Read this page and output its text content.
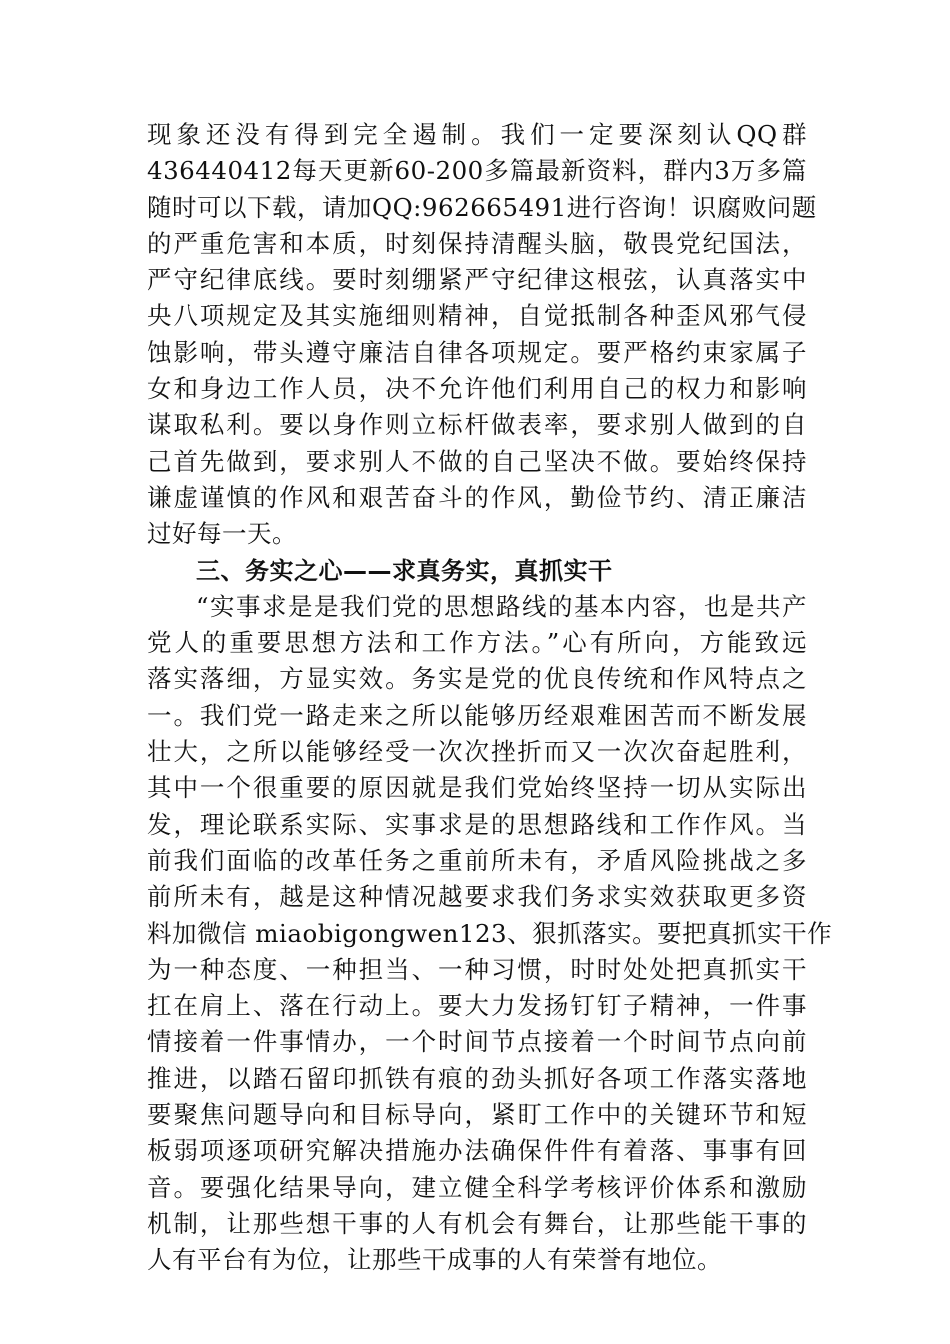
现象还没有得到完全遏制。我们一定要深刻认QQ群
436440412每天更新60-200多篇最新资料，群内3万多篇
随时可以下载，请加QQ:962665491进行咨询！识腐败问题
的严重危害和本质，时刻保持清醒头脑，敬畏党纪国法，
严守纪律底线。要时刻绷紧严守纪律这根弦，认真落实中
央八项规定及其实施细则精神，自觉抵制各种歪风邪气侵
蚀影响，带头遵守廉洁自律各项规定。要严格约束家属子
女和身边工作人员，决不允许他们利用自己的权力和影响
谋取私利。要以身作则立标杆做表率，要求别人做到的自
己首先做到，要求别人不做的自己坚决不做。要始终保持
谦虚谨慎的作风和艰苦奋斗的作风，勤俭节约、清正廉洁
过好每一天。
三、务实之心——求真务实，真抓实干
“实事求是是我们党的思想路线的基本内容，也是共产
党人的重要思想方法和工作方法。”心有所向，方能致远
落实落细，方显实效。务实是党的优良传统和作风特点之
一。我们党一路走来之所以能够历经艰难困苦而不断发展
壮大，之所以能够经受一次次挫折而又一次次奋起胜利，
其中一个很重要的原因就是我们党始终坚持一切从实际出
发，理论联系实际、实事求是的思想路线和工作作风。当
前我们面临的改革任务之重前所未有，矛盾风险挑战之多
前所未有，越是这种情况越要求我们务求实效获取更多资
料加微信 miaobigongwen123、狠抓落实。要把真抓实干作
为一种态度、一种担当、一种习惯，时时处处把真抓实干
扛在肩上、落在行动上。要大力发扬钉钉子精神，一件事
情接着一件事情办，一个时间节点接着一个时间节点向前
推进，以踏石留印抓铁有痕的劲头抓好各项工作落实落地
要聚焦问题导向和目标导向，紧盯工作中的关键环节和短
板弱项逐项研究解决措施办法确保件件有着落、事事有回
音。要强化结果导向，建立健全科学考核评价体系和激励
机制，让那些想干事的人有机会有舞台，让那些能干事的
人有平台有为位，让那些干成事的人有荣誉有地位。
